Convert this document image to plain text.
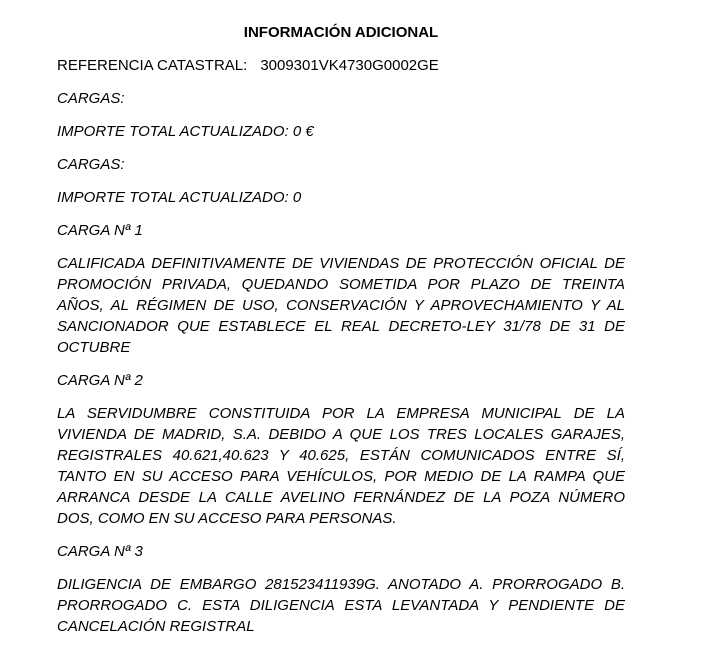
INFORMACIÓN ADICIONAL

REFERENCIA CATASTRAL: 3009301VK4730G0002GE

CARGAS:

IMPORTE TOTAL ACTUALIZADO: 0 €

CARGAS:

IMPORTE TOTAL ACTUALIZADO: 0

CARGA Nª 1

CALIFICADA DEFINITIVAMENTE DE VIVIENDAS DE PROTECCIÓN OFICIAL DE PROMOCIÓN PRIVADA, QUEDANDO SOMETIDA POR PLAZO DE TREINTA AÑOS, AL RÉGIMEN DE USO, CONSERVACIÓN Y APROVECHAMIENTO Y AL SANCIONADOR QUE ESTABLECE EL REAL DECRETO-LEY 31/78 DE 31 DE OCTUBRE

CARGA Nª 2

LA SERVIDUMBRE CONSTITUIDA POR LA EMPRESA MUNICIPAL DE LA VIVIENDA DE MADRID, S.A. DEBIDO A QUE LOS TRES LOCALES GARAJES, REGISTRALES 40.621,40.623 Y 40.625, ESTÁN COMUNICADOS ENTRE SÍ, TANTO EN SU ACCESO PARA VEHÍCULOS, POR MEDIO DE LA RAMPA QUE ARRANCA DESDE LA CALLE AVELINO FERNÁNDEZ DE LA POZA NÚMERO DOS, COMO EN SU ACCESO PARA PERSONAS.

CARGA Nª 3

DILIGENCIA DE EMBARGO 281523411939G. ANOTADO A. PRORROGADO B. PRORROGADO C. ESTA DILIGENCIA ESTA LEVANTADA Y PENDIENTE DE CANCELACIÓN REGISTRAL
